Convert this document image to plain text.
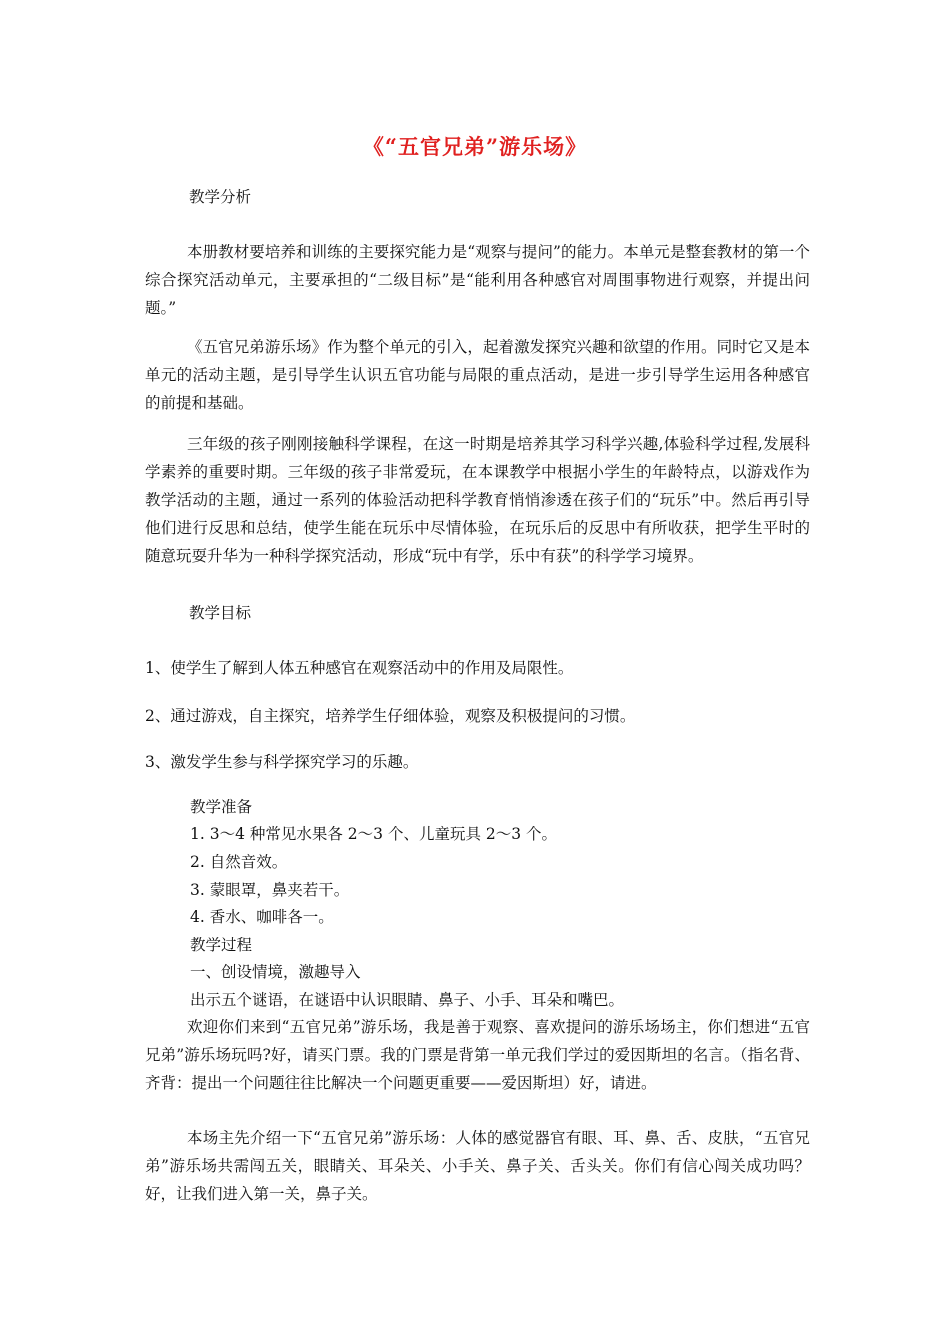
《“五官兄弟”游乐场》
教学分析
本册教材要培养和训练的主要探究能力是“观察与提问”的能力。本单元是整套教材的第一个综合探究活动单元，主要承担的“二级目标”是“能利用各种感官对周围事物进行观察，并提出问题。”
《五官兄弟游乐场》作为整个单元的引入，起着激发探究兴趣和欲望的作用。同时它又是本单元的活动主题，是引导学生认识五官功能与局限的重点活动，是进一步引导学生运用各种感官的前提和基础。
三年级的孩子刚刚接触科学课程，在这一时期是培养其学习科学兴趣,体验科学过程,发展科学素养的重要时期。三年级的孩子非常爱玩，在本课教学中根据小学生的年龄特点，以游戏作为教学活动的主题，通过一系列的体验活动把科学教育悄悄渗透在孩子们的“玩乐”中。然后再引导他们进行反思和总结，使学生能在玩乐中尽情体验，在玩乐后的反思中有所收获，把学生平时的随意玩耍升华为一种科学探究活动，形成“玩中有学，乐中有获”的科学学习境界。
教学目标
1、使学生了解到人体五种感官在观察活动中的作用及局限性。
2、通过游戏，自主探究，培养学生仔细体验，观察及积极提问的习惯。
3、激发学生参与科学探究学习的乐趣。
教学准备
1. 3～4 种常见水果各 2～3 个、儿童玩具 2～3 个。
2. 自然音效。
3. 蒙眼罩，鼻夹若干。
4. 香水、咖啡各一。
教学过程
一、创设情境，激趣导入
出示五个谜语，在谜语中认识眼睛、鼻子、小手、耳朵和嘴巴。
欢迎你们来到“五官兄弟”游乐场，我是善于观察、喜欢提问的游乐场场主，你们想进“五官兄弟”游乐场玩吗?好，请买门票。我的门票是背第一单元我们学过的爱因斯坦的名言。（指名背、齐背：提出一个问题往往比解决一个问题更重要——爱因斯坦）好，请进。
本场主先介绍一下“五官兄弟”游乐场：人体的感觉器官有眼、耳、鼻、舌、皮肤，“五官兄弟”游乐场共需闯五关，眼睛关、耳朵关、小手关、鼻子关、舌头关。你们有信心闯关成功吗？好，让我们进入第一关，鼻子关。
